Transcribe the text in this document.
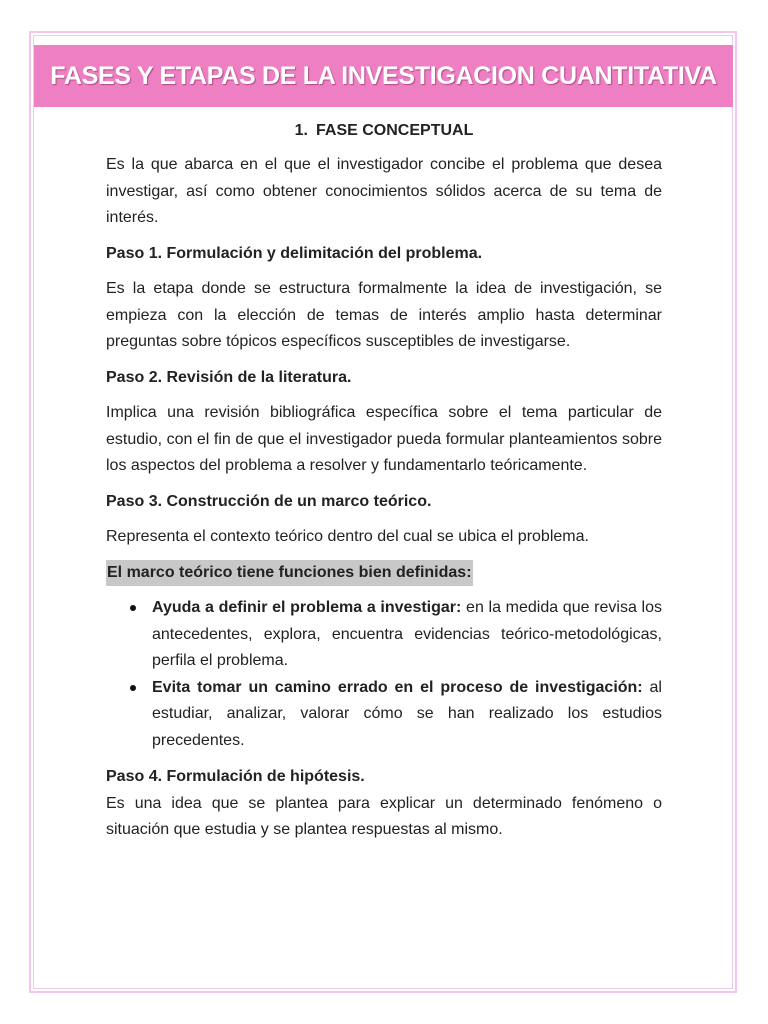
FASES Y ETAPAS DE LA INVESTIGACION CUANTITATIVA
1. FASE CONCEPTUAL

Es la que abarca en el que el investigador concibe el problema que desea investigar, así como obtener conocimientos sólidos acerca de su tema de interés.

Paso 1. Formulación y delimitación del problema.

Es la etapa donde se estructura formalmente la idea de investigación, se empieza con la elección de temas de interés amplio hasta determinar preguntas sobre tópicos específicos susceptibles de investigarse.

Paso 2. Revisión de la literatura.

Implica una revisión bibliográfica específica sobre el tema particular de estudio, con el fin de que el investigador pueda formular planteamientos sobre los aspectos del problema a resolver y fundamentarlo teóricamente.

Paso 3. Construcción de un marco teórico.

Representa el contexto teórico dentro del cual se ubica el problema.

El marco teórico tiene funciones bien definidas:
Ayuda a definir el problema a investigar: en la medida que revisa los antecedentes, explora, encuentra evidencias teórico-metodológicas, perfila el problema.
Evita tomar un camino errado en el proceso de investigación: al estudiar, analizar, valorar cómo se han realizado los estudios precedentes.

Paso 4. Formulación de hipótesis.

Es una idea que se plantea para explicar un determinado fenómeno o situación que estudia y se plantea respuestas al mismo.
